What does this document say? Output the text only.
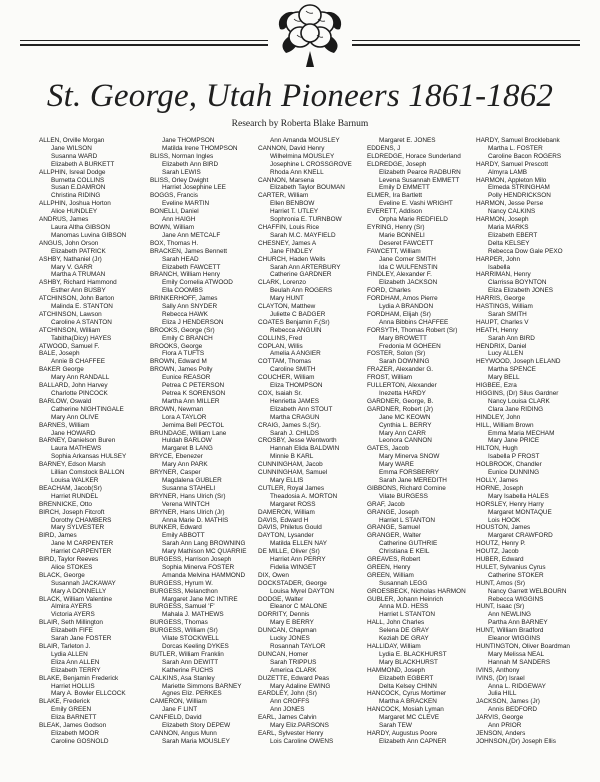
St. George, Utah Pioneers 1861-1862
Research by Roberta Blake Barnum
ALLEN, Orville Morgan
Jane WILSON
Susanna WARD
Elizabeth A BURKETT
ALLPHIN, Isreal Dodge
Burnetta COLLINS
Susan E.DAMRON
Christina RIDING
ALLPHIN, Joshua Horton
Alice HUNDLEY
ANDRUS, James
Laura Altha GIBSON
Manomas Luvina GIBSON
ANGUS, John Orson
Elizabeth PATRICK
ASHBY, Nathaniel (Jr)
Mary V. GARR
Martha A TRUMAN
ASHBY, Richard Hammond
Esther Ann BUSBY
ATCHINSON, John Barton
Malinda E. STANTON
ATCHINSON, Lawson
Caroline A STANTON
ATCHINSON, William
Tabitha(Dicy) HAYES
ATWOOD, Samuel F.
BALE, Joseph
Annie B CHAFFEE
BAKER George
Mary Ann RANDALL
BALLARD, John Harvey
Charlotte PINCOCK
BARLOW, Oswald
Catherine NIGHTINGALE
Mary Ann OLIVE
BARNES, William
Jane HOWARD
BARNEY, Danielson Buren
Laura MATHEWS
Sophia Arkansas HULSEY
BARNEY, Edson Marsh
Lillian Comstock BALLON
Louisa WALKER
BEACHAM, Jacob(Sr)
Harriet RUNDEL
BRENNICKE, Otto
BIRCH, Joseph Fitcroft
Dorothy CHAMBERS
Mary SYLVESTER
BIRD, James
Jane M CARPENTER
Harriet CARPENTER
BIRD, Taylor Reeves
Alice STOKES
BLACK, George
Susannah JACKAWAY
Mary A DONNELLY
BLACK, William Valentine
Almira AYERS
Victoria AYERS
BLAIR, Seth Millington
Elizabeth FIFE
Sarah Jane FOSTER
BLAIR, Tarleton J.
Lydia ALLEN
Eliza Ann ALLEN
Elizabeth TERRY
BLAKE, Benjamin Frederick
Harriet HOLLIS
Mary A. Bowler ELLCOCK
BLAKE, Frederick
Emily GREEN
Eliza BARNETT
BLEAK, James Godson
Elizabeth MOOR
Caroline GOSNOLD
Jane THOMPSON
Matilda Irene THOMPSON
BLISS, Norman Ingles
Elizabeth Ann BIRD
Sarah LEWIS
BLISS, Orley Dwight
Harriet Josephine LEE
BOGGS, Francis
Eveline MARTIN
BONELLI, Daniel
Ann HAIGH
BOWN, William
Jane Ann METCALF
BOX, Thomas H.
BRACKEN, James Bennett
Sarah HEAD
Elizabeth FAWCETT
BRANCH, William Henry
Emily Cornelia ATWOOD
Ella COOMBS
BRINKERHOFF, James
Sally Ann SNYDER
Rebecca HAWK
Eliza J HENDERSON
BROOKS, George (Sr)
Emily C BRANCH
BROOKS, George
Flora A TUFTS
BROWN, Edward M
BROWN, James Polly
Eunice REASOR
Petrea C PETERSON
Petrea K SORENSON
Martha Ann MILLER
BROWN, Newman
Lora A TAYLOR
Jemima Bell PECTOL
BRUNDAGE, William Lane
Huldah BARLOW
Margaret B LANG
BRYCE, Ebenezer
Mary Ann PARK
BRYNER, Casper
Magdalena GUBLER
Susanna STAHELI
BRYNER, Hans Ulrich (Sr)
Verena WINTCH
BRYNER, Hans Ulrich (Jr)
Anna Marie D. MATHIS
BUNKER, Edward
Emily ABBOTT
Sarah Ann Lang BROWNING
Mary Mathison MC QUARRIE
BURGESS, Harrison Joseph
Sophia Minerva FOSTER
Amanda Melvina HAMMOND
BURGESS, Hyrum W.
BURGESS, Melancthon
Margaret Jane MC INTIRE
BURGESS, Samuel 'F'
Mahala J. MATHEWS
BURGESS, Thomas
BURGESS, William (Sr)
Vilate STOCKWELL
Dorcas Keeling DYKES
BUTLER, William Franklin
Sarah Ann DEWITT
Katherine FUCHS
CALKINS, Asa Stanley
Mariette Simmons BARNEY
Agnes Eliz. PERKES
CAMERON, William
Jane F LINT
CANFIELD, David
Elizabeth Story DEPEW
CANNON, Angus Munn
Sarah Maria MOUSLEY
Ann Amanda MOUSLEY
CANNON, David Henry
Wilhelmina MOUSLEY
Josephine L CROSSGROVE
Rhoda Ann KNELL
CANNON, Marsena
Elizabeth Taylor BOUMAN
CARTER, William
Ellen BENBOW
Harriet T. UTLEY
Sophronia E. TURNBOW
CHAFFIN, Louis Rice
Sarah M.C. MAYFIELD
CHESNEY, James A
Jane FINDLEY
CHURCH, Haden Wells
Sarah Ann ARTERBURY
Catherine GARDNER
CLARK, Lorenzo
Beulah Ann ROGERS
Mary HUNT
CLAYTON, Matthew
Juliette C BADGER
COATES Benjamin F.(Sr)
Rebecca ANGUIN
COLLINS, Fred
COPLAN, Willis
Amelia A ANGIER
COTTAM, Thomas
Caroline SMITH
COUCHER, William
Eliza THOMPSON
COX, Isaiah Sr.
Henrietta JAMES
Elizabeth Ann STOUT
Martha CRAGUN
CRAIG, James S.(Sr).
Sarah J. CHILDS
CROSBY, Jesse Wentworth
Hannah Elida BALDWIN
Minnie B KARL
CUNNINGHAM, Jacob
CUNNINGHAM, Samuel
Mary ELLIS
CUTLER, Royal James
Theadosia A. MORTON
Margaret ROSS
DAMERON, William
DAVIS, Edward H
DAVIS, Philetus Gould
DAYTON, Lysander
Matilda ELLEN NAY
DE MILLE, Oliver (Sr)
Harriet Ann PERRY
Fidelia WINGET
DIX, Owen
DOCKSTADER, George
Louisa Myrel DAYTON
DODGE, Walter
Eleanor C MALONE
DORRITY, Dennis
Mary E BERRY
DUNCAN, Chapman
Lucky JONES
Rosannah TAYLOR
DUNCAN, Homer
Sarah TRIPPUS
America CLARK
DUZETTE, Edward Peas
Mary Adaline EWING
EARDLEY, John (Sr)
Ann CROFFS
Ann JONES
EARL, James Calvin
Mary Eliz.PARSONS
EARL, Sylvester Henry
Lois Caroline OWENS
Margaret E. JONES
EDDENS, J
ELDREDGE, Horace Sunderland
ELDREDGE, Joseph
Elizabeth Pearce RADBURN
Levena Susannah EMMETT
Emily D EMMETT
ELMER, Ira Bartlett
Eveline E. Vashi WRIGHT
EVERETT, Addison
Orpha Marie REDFIELD
EYRING, Henry (Sr)
Marie BONNELI
Deseret FAWCETT
FAWCETT, William
Jane Corner SMITH
Ida C WULFENSTIN
FINDLEY, Alexander F.
Elizabeth JACKSON
FORD, Charles
FORDHAM, Amos Pierre
Lydia A BRANDON
FORDHAM, Elijah (Sr)
Anna Bibbins CHAFFEE
FORSYTH, Thomas Robert (Sr)
Mary BROWETT
Fredonia M GOHEEN
FOSTER, Solon (Sr)
Sarah DOWNING
FRAZER, Alexander G.
FROST, William
FULLERTON, Alexander
Inezetta HARDY
GARDNER, George, B.
GARDNER, Robert (Jr)
Jane MC KEOWN
Cynthia L. BERRY
Mary Ann CARR
Leonora CANNON
GATES, Jacob
Mary Minerva SNOW
Mary WARE
Emma FORSBERRY
Sarah Jane MEREDITH
GIBBONS, Richard Cornine
Vilate BURGESS
GRAF, Jacob
GRANGE, Joseph
Harriet L STANTON
GRANGE, Samuel
GRANGER, Walter
Catherine GUTHRIE
Christiana E KEIL
GREAVES, Robert
GREEN, Henry
GREEN, William
Susannah LEGG
GROESBECK, Nicholas HARMON
GUBLER, Johann Heinrich
Anna M.D. HESS
Harriet L STANTON
HALL, John Charles
Selena DE GRAY
Keziah DE GRAY
HALLIDAY, William
Lydia E. BLACKHURST
Mary BLACKHURST
HAMMOND, Joseph
Elizabeth EGBERT
Delta Kelsey CHINN
HANCOCK, Cyrus Mortimer
Martha A BRACKEN
HANCOCK, Mosiah Lyman
Margaret MC CLEVE
Sarah TEW
HARDY, Augustus Poore
Elizabeth Ann CAPNER
HARDY, Samuel Brocklebank
Martha L. FOSTER
Caroline Bacon ROGERS
HARDY, Samuel Prescott
Almyra LAMB
HARMON, Appleton Milo
Elmeda STRINGHAM
Polly HENDRICKSON
HARMON, Jesse Perse
Nancy CALKINS
HARMON, Joseph
Maria MARKS
Elizabeth EBERT
Delta KELSEY
Rebecca Dow Gale PEXO
HARPER, John
Isabella
HARRIMAN, Henry
Clarrissa BOYNTON
Eliza Elizabeth JONES
HARRIS, George
HASTINGS, William
Sarah SMITH
HAUPT, Charles V
HEATH, Henry
Sarah Ann BIRD
HENDRIX, Daniel
Lucy ALLEN
HEYWOOD, Joseph LELAND
Martha SPENCE
Mary BELL
HIGBEE, Ezra
HIGGINS, (Dr) Silus Gardner
Nancy Louisa CLARK
Clara Jane RIDING
HINDLEY, John
HILL, William Brown
Emma Maria MECHAM
Mary Jane PRICE
HILTON, Hugh
Isabella P FROST
HOLBROOK, Chandler
Eunice DUNNING
HOLLY, James
HORNE, Joseph
Mary Isabella HALES
HORSLEY, Henry Harry
Margaret MONTAQUE
Lois HOOK
HOUSTON, James
Margaret CRAWFORD
HOUTZ, Henry P.
HOUTZ, Jacob
HUBER, Edward
HULET, Sylvanius Cyrus
Catherine STOKER
HUNT, Amos (Sr)
Nancy Garrett WELBOURN
Rebecca WIGGINS
HUNT, Isaac (Sr)
Ann NEWLING
Partha Ann BARNEY
HUNT, William Bradford
Eleanor WIGGINS
HUNTINGTON, Oliver Boardman
Mary Melissa NEAL
Hannah M SANDERS
IVINS, Anthony
IVINS, (Dr) Israel
Anna L. RIDGEWAY
Julia HILL
JACKSON, James (Jr)
Annis BEDFORD
JARVIS, George
Ann PRIOR
JENSON, Anders
JOHNSON,(Dr) Joseph Ellis
